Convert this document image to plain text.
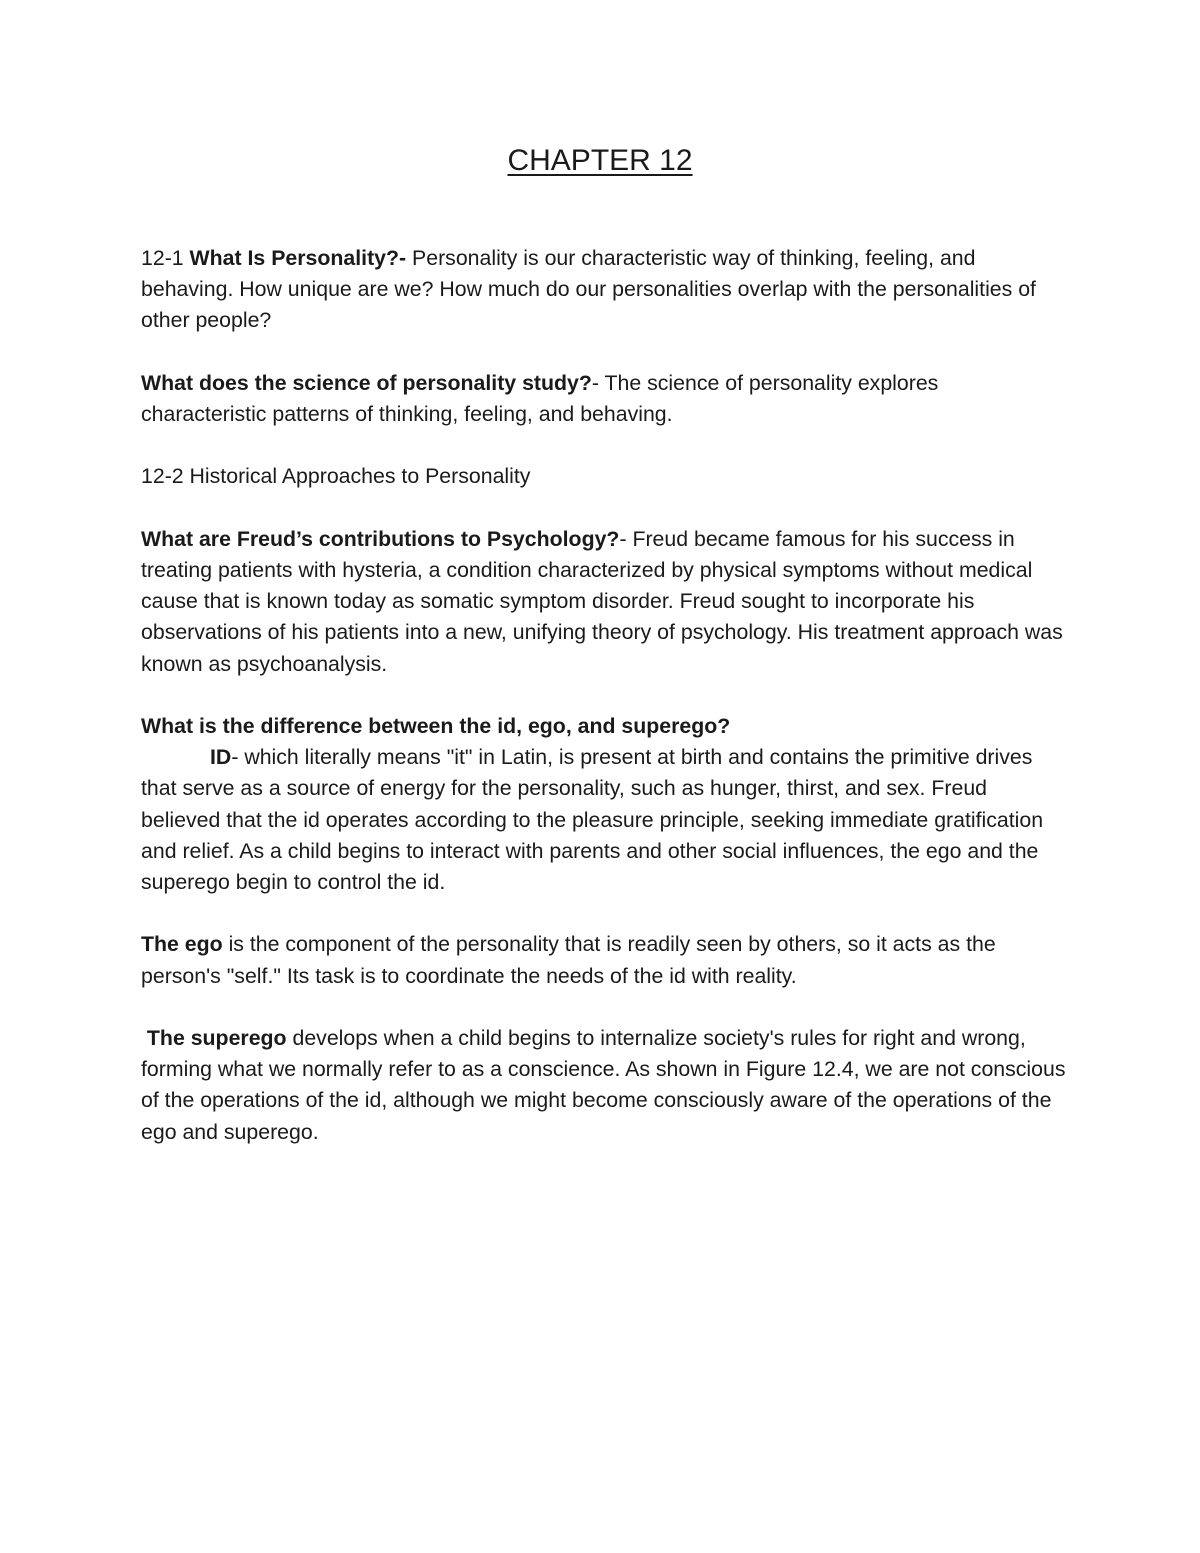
CHAPTER 12

12-1 What Is Personality?- Personality is our characteristic way of thinking, feeling, and behaving. How unique are we? How much do our personalities overlap with the personalities of other people?

What does the science of personality study?- The science of personality explores characteristic patterns of thinking, feeling, and behaving.

12-2 Historical Approaches to Personality

What are Freud’s contributions to Psychology?- Freud became famous for his success in treating patients with hysteria, a condition characterized by physical symptoms without medical cause that is known today as somatic symptom disorder. Freud sought to incorporate his observations of his patients into a new, unifying theory of psychology. His treatment approach was known as psychoanalysis.

What is the difference between the id, ego, and superego?
ID- which literally means "it" in Latin, is present at birth and contains the primitive drives that serve as a source of energy for the personality, such as hunger, thirst, and sex. Freud believed that the id operates according to the pleasure principle, seeking immediate gratification and relief. As a child begins to interact with parents and other social influences, the ego and the superego begin to control the id.

The ego is the component of the personality that is readily seen by others, so it acts as the person's "self." Its task is to coordinate the needs of the id with reality.

The superego develops when a child begins to internalize society's rules for right and wrong, forming what we normally refer to as a conscience. As shown in Figure 12.4, we are not conscious of the operations of the id, although we might become consciously aware of the operations of the ego and superego.
